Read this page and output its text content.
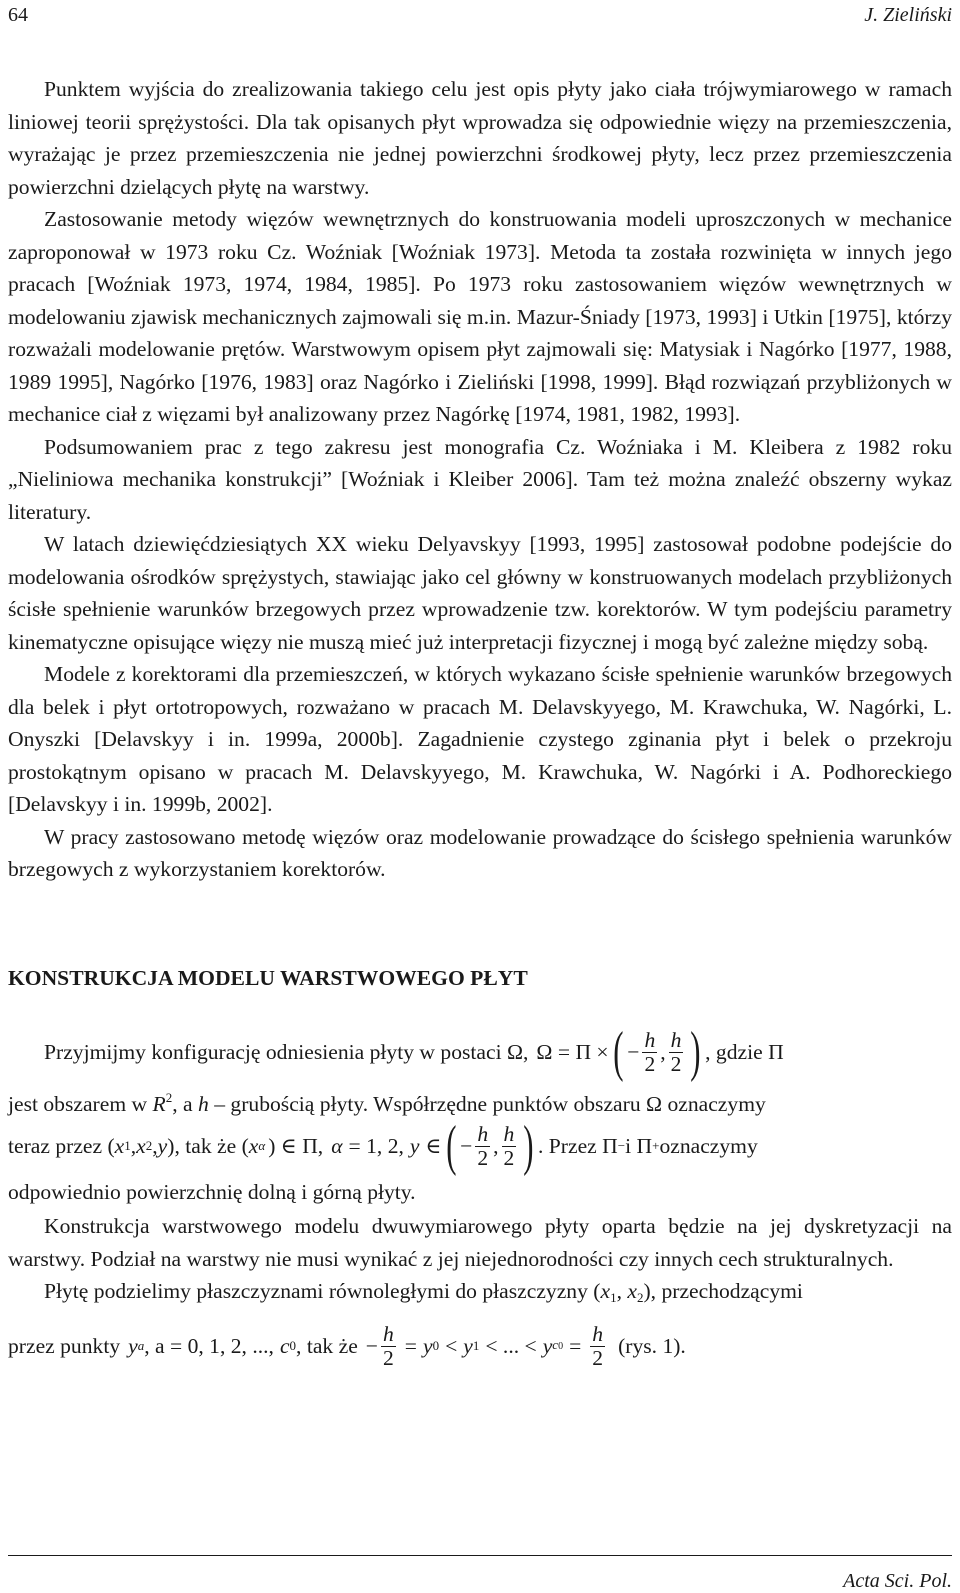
64	J. Zieliński

Punktem wyjścia do zrealizowania takiego celu jest opis płyty jako ciała trójwymiarowego w ramach liniowej teorii sprężystości. Dla tak opisanych płyt wprowadza się odpowiednie więzy na przemieszczenia, wyrażając je przez przemieszczenia nie jednej powierzchni środkowej płyty, lecz przez przemieszczenia powierzchni dzielących płytę na warstwy.

Zastosowanie metody więzów wewnętrznych do konstruowania modeli uproszczonych w mechanice zaproponował w 1973 roku Cz. Woźniak [Woźniak 1973]. Metoda ta została rozwinięta w innych jego pracach [Woźniak 1973, 1974, 1984, 1985]. Po 1973 roku zastosowaniem więzów wewnętrznych w modelowaniu zjawisk mechanicznych zajmowali się m.in. Mazur-Śniady [1973, 1993] i Utkin [1975], którzy rozważali modelowanie prętów. Warstwowym opisem płyt zajmowali się: Matysiak i Nagórko [1977, 1988, 1989 1995], Nagórko [1976, 1983] oraz Nagórko i Zieliński [1998, 1999]. Błąd rozwiązań przybliżonych w mechanice ciał z więzami był analizowany przez Nagórkę [1974, 1981, 1982, 1993].

Podsumowaniem prac z tego zakresu jest monografia Cz. Woźniaka i M. Kleibera z 1982 roku „Nieliniowa mechanika konstrukcji” [Woźniak i Kleiber 2006]. Tam też można znaleźć obszerny wykaz literatury.

W latach dziewięćdziesiątych XX wieku Delyavskyy [1993, 1995] zastosował podobne podejście do modelowania ośrodków sprężystych, stawiając jako cel główny w konstruowanych modelach przybliżonych ścisłe spełnienie warunków brzegowych przez wprowadzenie tzw. korektorów. W tym podejściu parametry kinematyczne opisujące więzy nie muszą mieć już interpretacji fizycznej i mogą być zależne między sobą.

Modele z korektorami dla przemieszczeń, w których wykazano ścisłe spełnienie warunków brzegowych dla belek i płyt ortotropowych, rozważano w pracach M. Delavskyyego, M. Krawchuka, W. Nagórki, L. Onyszki [Delavskyy i in. 1999a, 2000b]. Zagadnienie czystego zginania płyt i belek o przekroju prostokątnym opisano w pracach M. Delavskyyego, M. Krawchuka, W. Nagórki i A. Podhoreckiego [Delavskyy i in. 1999b, 2002].

W pracy zastosowano metodę więzów oraz modelowanie prowadzące do ścisłego spełnienia warunków brzegowych z wykorzystaniem korektorów.

KONSTRUKCJA MODELU WARSTWOWEGO PŁYT

Przyjmijmy konfigurację odniesienia płyty w postaci Ω, Ω = Π × ( − $\frac{h}{2}$ , $\frac{h}{2}$ ) , gdzie Π
jest obszarem w $R^2$, a h – grubością płyty. Współrzędne punktów obszaru Ω oznaczymy
teraz przez ( x 1 , x 2 , y ), tak że ( x α ) ∈ Π, α = 1, 2, y ∈ ( − $\frac{h}{2}$ , $\frac{h}{2}$ ) . Przez Π − i Π + oznaczymy
odpowiednio powierzchnię dolną i górną płyty.

Konstrukcja warstwowego modelu dwuwymiarowego płyty oparta będzie na jej dyskretyzacji na warstwy. Podział na warstwy nie musi wynikać z jej niejednorodności czy innych cech strukturalnych.

Płytę podzielimy płaszczyznami równoległymi do płaszczyzny ($x_1$, $x_2$), przechodzącymi

przez punkty y a , a = 0, 1, 2, ..., c 0 , tak że − $\frac{h}{2} = y$ 0 < y 1 < ... < y $c0 = \frac{h}{2} (rys$. 1).
Acta Sci. Pol.
